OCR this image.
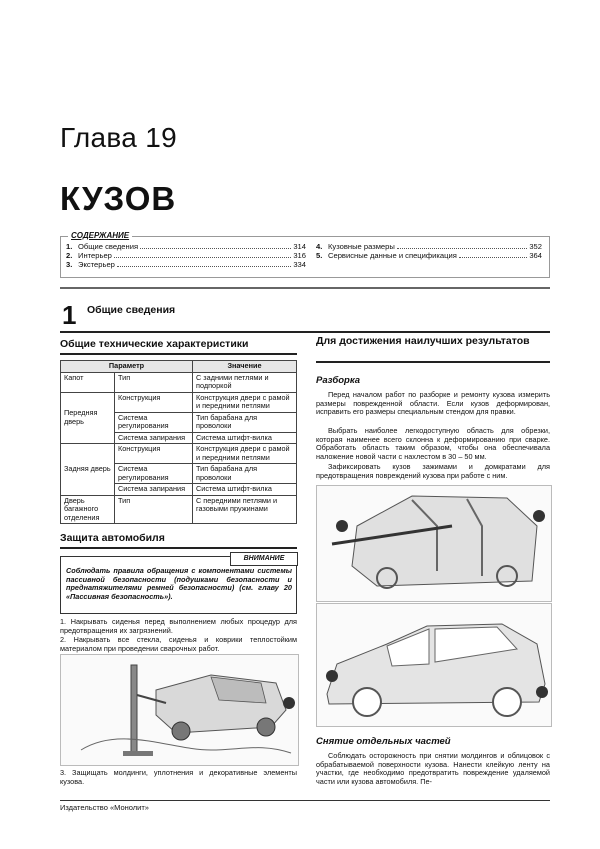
Глава 19
КУЗОВ
СОДЕРЖАНИЕ
1. Общие сведения	314
2. Интерьер	316
3. Экстерьер	334
4. Кузовные размеры	352
5. Сервисные данные и спецификация	364
1 Общие сведения
Общие технические характеристики
Параметр		Значение
Капот	Тип	С задними петлями и подпоркой
Передняя дверь	Конструкция	Конструкция двери с рамой и передними петлями
	Система регулирования	Тип барабана для проволоки
	Система запирания	Система штифт-вилка
Задняя дверь	Конструкция	Конструкция двери с рамой и передними петлями
	Система регулирования	Тип барабана для проволоки
	Система запирания	Система штифт-вилка
Дверь багажного отделения	Тип	С передними петлями и газовыми пружинами
Защита автомобиля
ВНИМАНИЕ
Соблюдать правила обращения с компонентами системы пассивной безопасности (подушками безопасности и преднатяжителями ремней безопасности) (см. главу 20 «Пассивная безопасность»).
1. Накрывать сиденья перед выполнением любых процедур для предотвращения их загрязнений.
2. Накрывать все стекла, сиденья и коврики теплостойким материалом при проведении сварочных работ.
3. Защищать молдинги, уплотнения и декоративные элементы кузова.
Для достижения наилучших результатов
Разборка
Перед началом работ по разборке и ремонту кузова измерить размеры поврежденной области. Если кузов деформирован, исправить его размеры специальным стендом для правки.
Выбрать наиболее легкодоступную область для обрезки, которая наименее всего склонна к деформированию при сварке. Обработать область таким образом, чтобы она обеспечивала наложение новой части с нахлестом в 30 – 50 мм.
Зафиксировать кузов зажимами и домкратами для предотвращения повреждений кузова при работе с ним.
Снятие отдельных частей
Соблюдать осторожность при снятии молдингов и облицовок с обрабатываемой поверхности кузова. Нанести клейкую ленту на участки, где необходимо предотвратить повреждение удаляемой части или кузова автомобиля. Пе-
Издательство «Монолит»
